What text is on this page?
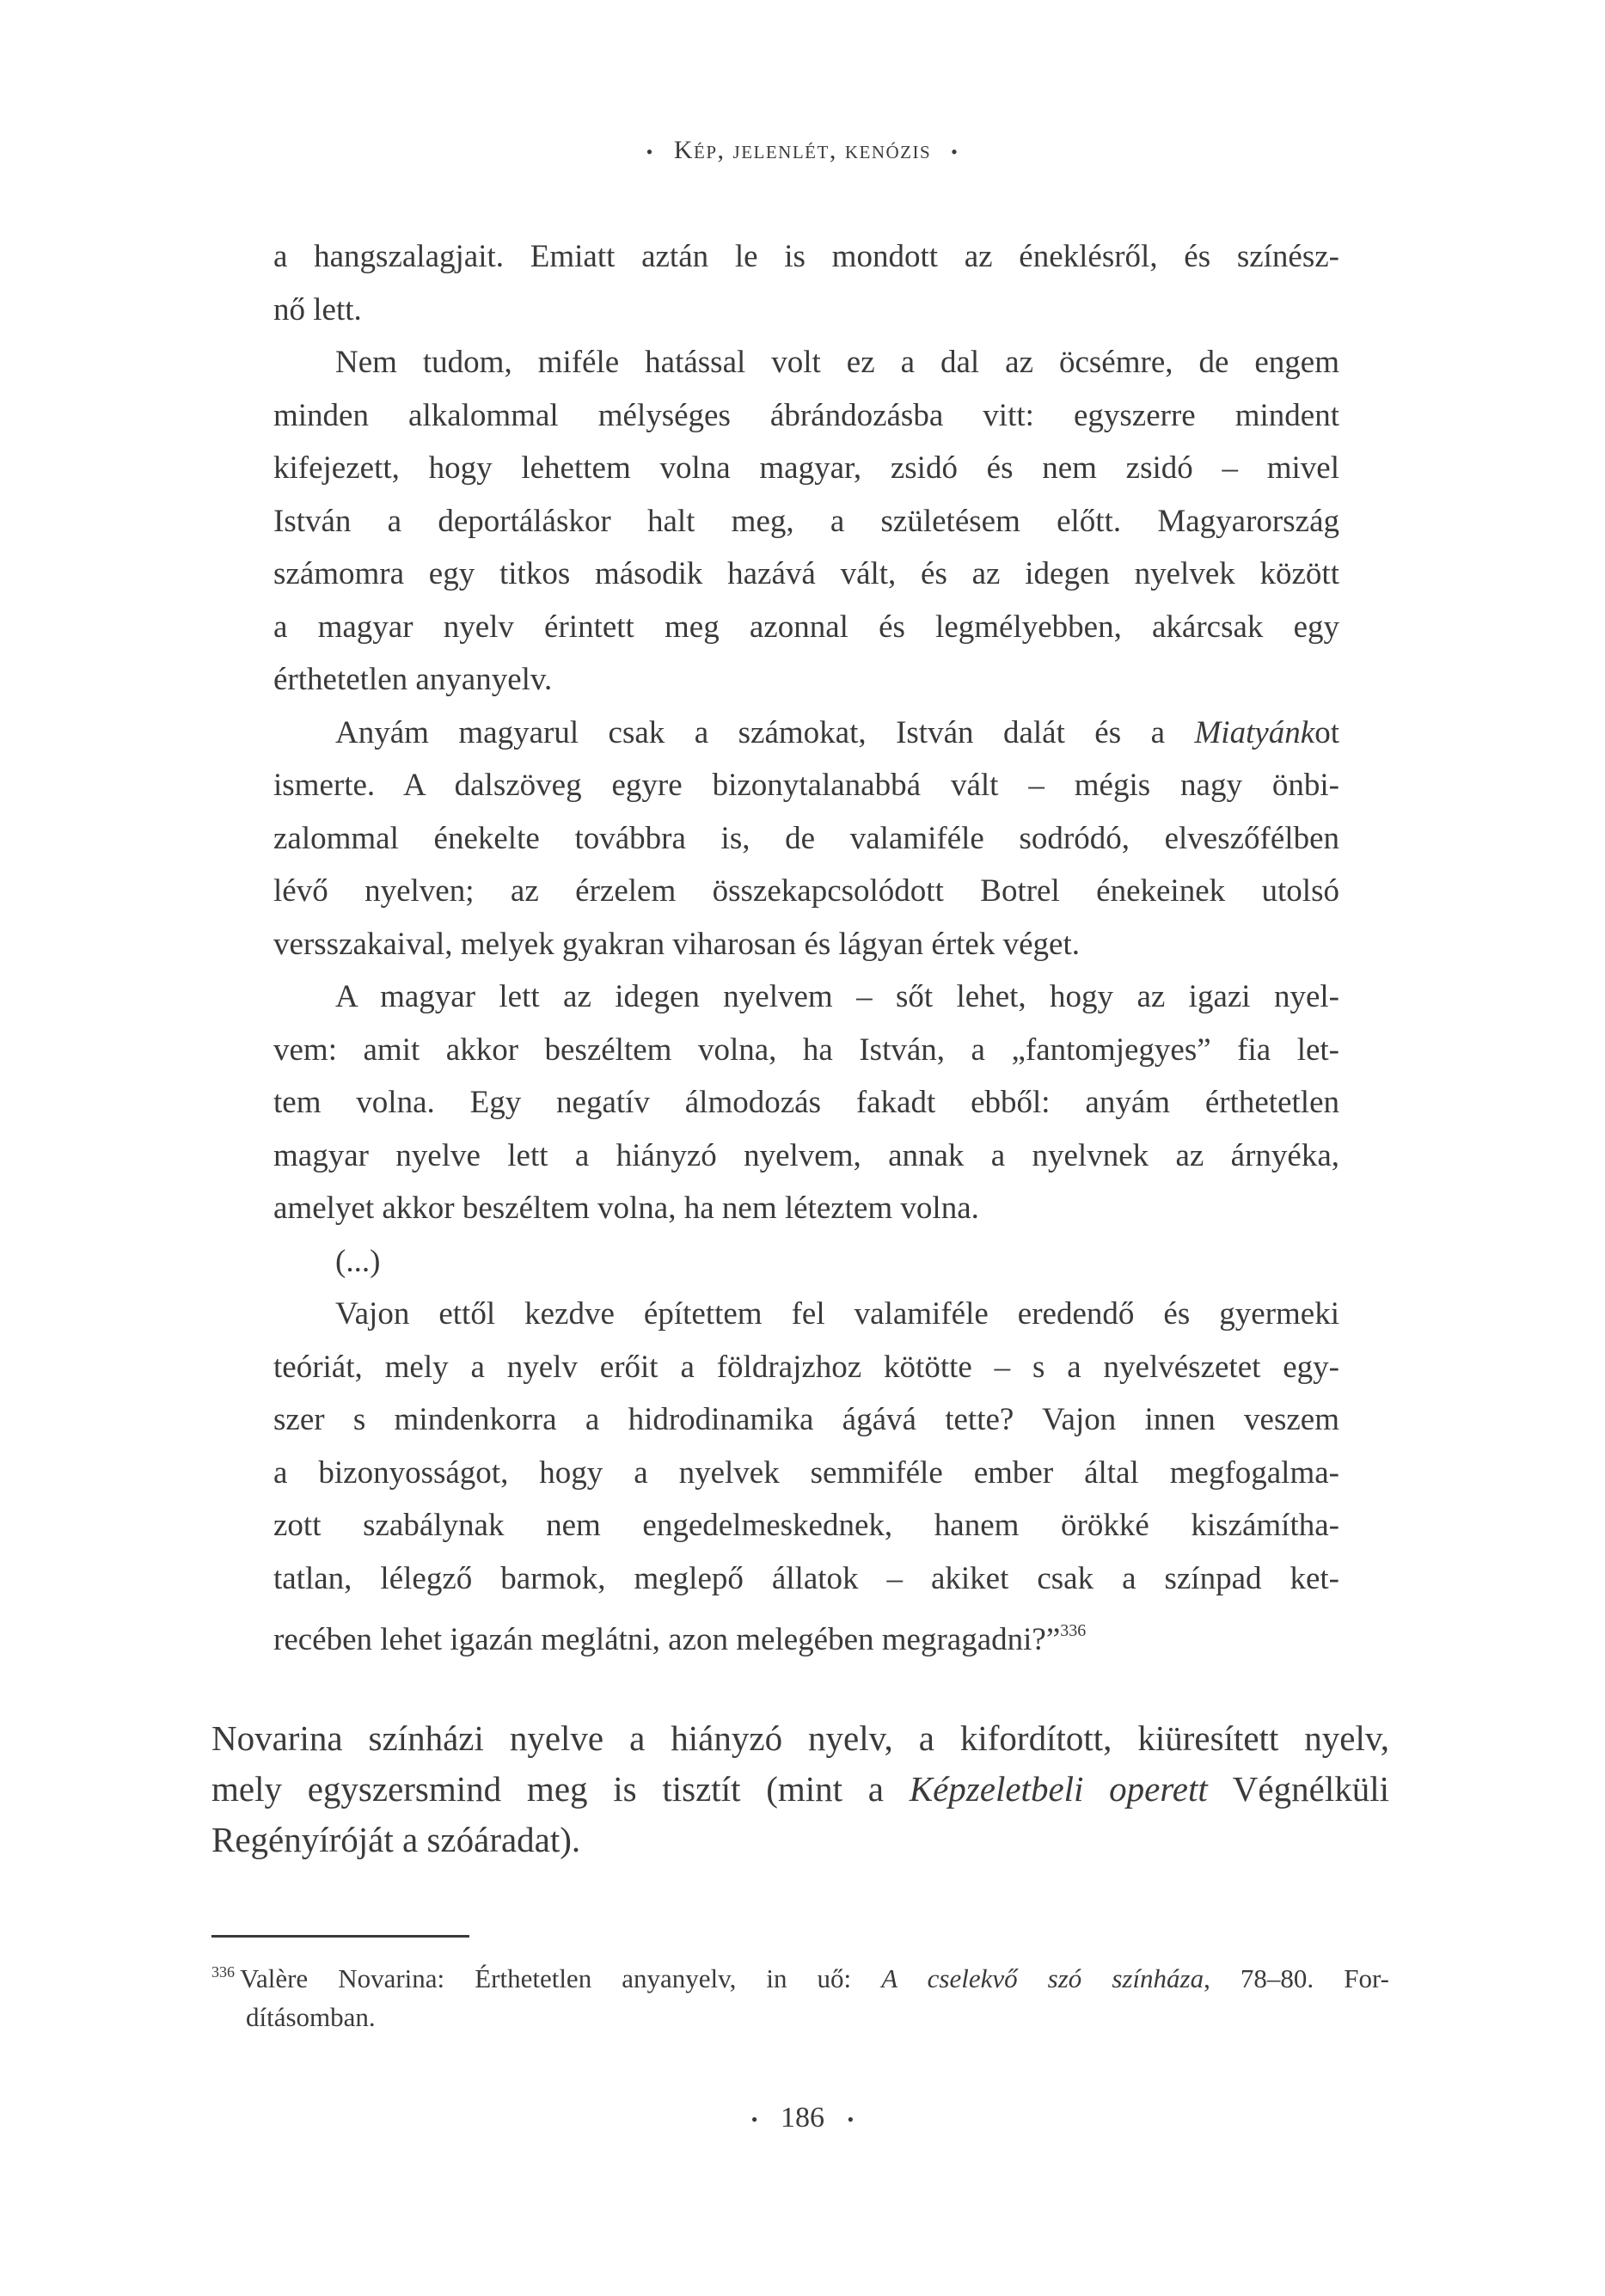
• Kép, jelenlét, kenózis •
a hangszalagjait. Emiatt aztán le is mondott az éneklésről, és színész-
nő lett.
Nem tudom, miféle hatással volt ez a dal az öcsémre, de engem
minden alkalommal mélységes ábrándozásba vitt: egyszerre mindent
kifejezett, hogy lehettem volna magyar, zsidó és nem zsidó – mivel
István a deportáláskor halt meg, a születésem előtt. Magyarország
számomra egy titkos második hazává vált, és az idegen nyelvek között
a magyar nyelv érintett meg azonnal és legmélyebben, akárcsak egy
érthetetlen anyanyelv.
Anyám magyarul csak a számokat, István dalát és a Miatyánkot
ismerte. A dalszöveg egyre bizonytalanabbá vált – mégis nagy önbi-
zalommal énekelte továbbra is, de valamiféle sodródó, elveszőfélben
lévő nyelven; az érzelem összekapcsolódott Botrel énekeinek utolsó
versszakaival, melyek gyakran viharosan és lágyan értek véget.
A magyar lett az idegen nyelvem – sőt lehet, hogy az igazi nyel-
vem: amit akkor beszéltem volna, ha István, a „fantomjegyes” fia let-
tem volna. Egy negatív álmodozás fakadt ebből: anyám érthetetlen
magyar nyelve lett a hiányzó nyelvem, annak a nyelvnek az árnyéka,
amelyet akkor beszéltem volna, ha nem léteztem volna.
(...)
Vajon ettől kezdve építettem fel valamiféle eredendő és gyermeki
teóriát, mely a nyelv erőit a földrajzhoz kötötte – s a nyelvészetet egy-
szer s mindenkorra a hidrodinamika ágává tette? Vajon innen veszem
a bizonyosságot, hogy a nyelvek semmiféle ember által megfogalma-
zott szabálynak nem engedelmeskednek, hanem örökké kiszámítha-
tatlan, lélegző barmok, meglepő állatok – akiket csak a színpad ket-
recében lehet igazán meglátni, azon melegében megragadni?”$^{336}$
Novarina színházi nyelve a hiányzó nyelv, a kifordított, kiüresített nyelv,
mely egyszersmind meg is tisztít (mint a Képzeletbeli operett Végnélküli
Regényíróját a szóáradat).
$^{336}$ Valère Novarina: Érthetetlen anyanyelv, in uő: A cselekvő szó színháza, 78–80. For-
dításomban.
• 186 •
